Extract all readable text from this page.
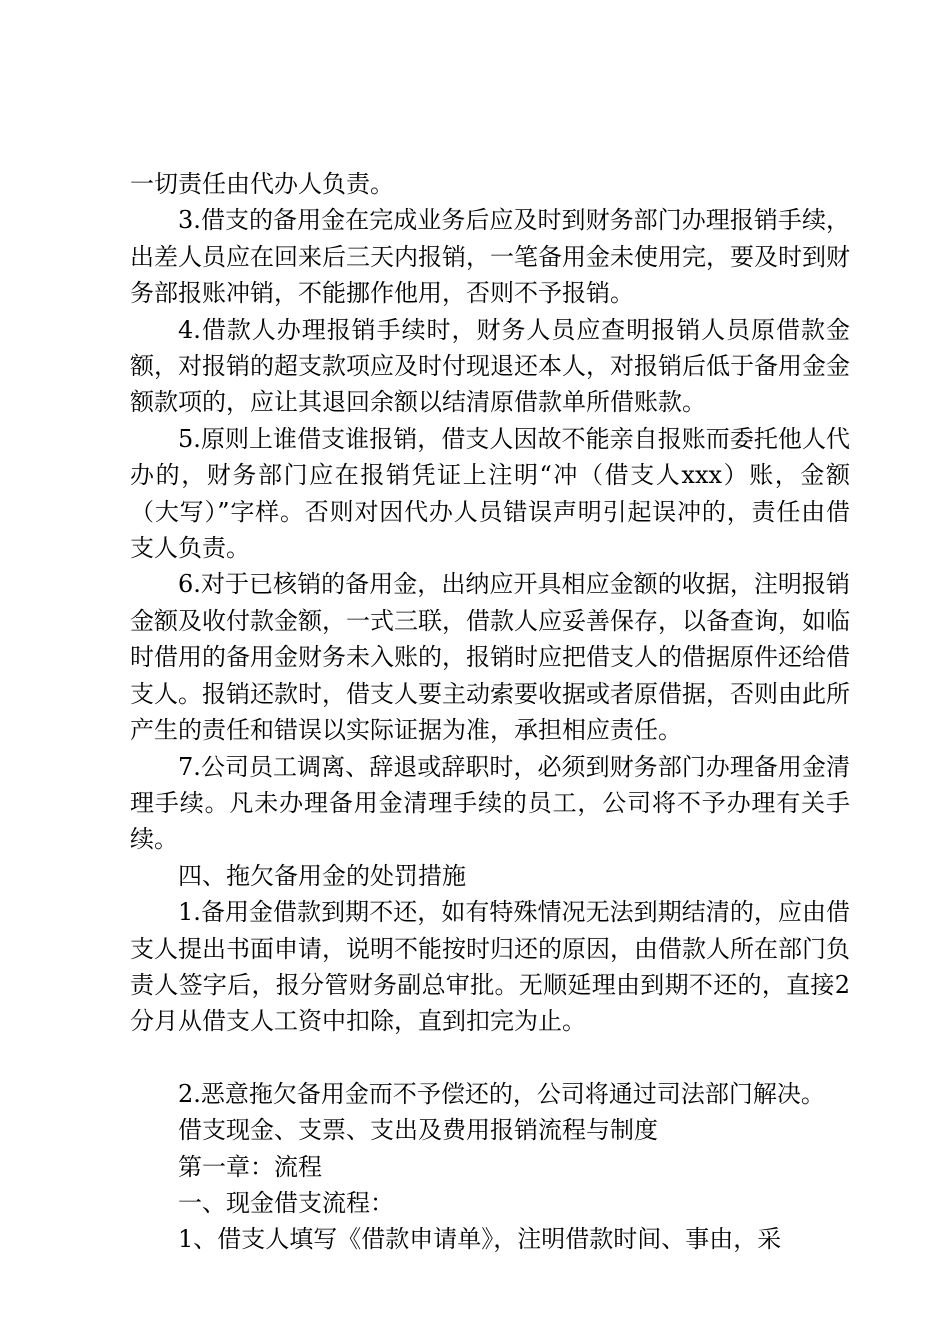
一切责任由代办人负责。

3.借支的备用金在完成业务后应及时到财务部门办理报销手续，出差人员应在回来后三天内报销，一笔备用金未使用完，要及时到财务部报账冲销，不能挪作他用，否则不予报销。

4.借款人办理报销手续时，财务人员应查明报销人员原借款金额，对报销的超支款项应及时付现退还本人，对报销后低于备用金金额款项的，应让其退回余额以结清原借款单所借账款。

5.原则上谁借支谁报销，借支人因故不能亲自报账而委托他人代办的，财务部门应在报销凭证上注明“冲（借支人xxx）账，金额（大写）”字样。否则对因代办人员错误声明引起误冲的，责任由借支人负责。

6.对于已核销的备用金，出纳应开具相应金额的收据，注明报销金额及收付款金额，一式三联，借款人应妥善保存，以备查询，如临时借用的备用金财务未入账的，报销时应把借支人的借据原件还给借支人。报销还款时，借支人要主动索要收据或者原借据，否则由此所产生的责任和错误以实际证据为准，承担相应责任。

7.公司员工调离、辞退或辞职时，必须到财务部门办理备用金清理手续。凡未办理备用金清理手续的员工，公司将不予办理有关手续。

四、拖欠备用金的处罚措施

1.备用金借款到期不还，如有特殊情况无法到期结清的，应由借支人提出书面申请，说明不能按时归还的原因，由借款人所在部门负责人签字后，报分管财务副总审批。无顺延理由到期不还的，直接2分月从借支人工资中扣除，直到扣完为止。

2.恶意拖欠备用金而不予偿还的，公司将通过司法部门解决。

借支现金、支票、支出及费用报销流程与制度

第一章：流程

一、现金借支流程：

1、借支人填写《借款申请单》，注明借款时间、事由，采
